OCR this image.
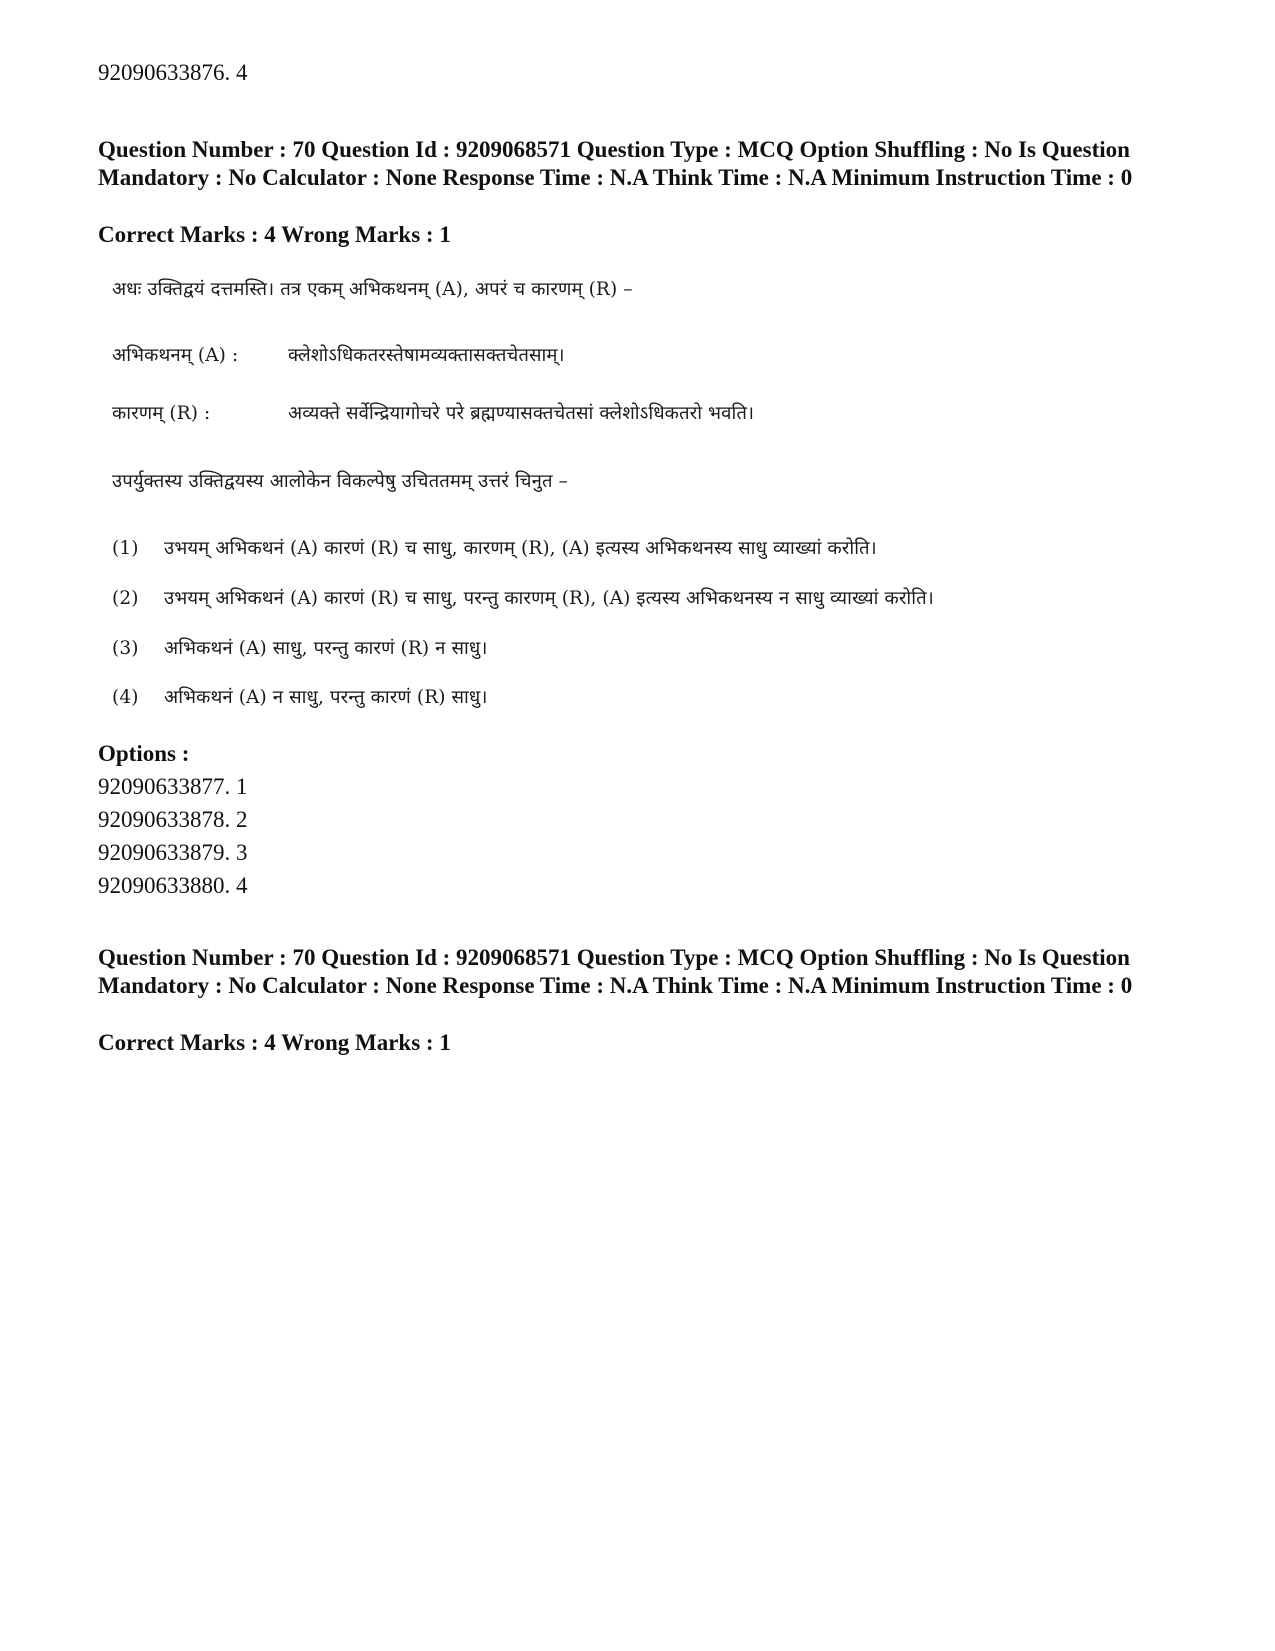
92090633876. 4
Question Number : 70 Question Id : 9209068571 Question Type : MCQ Option Shuffling : No Is Question Mandatory : No Calculator : None Response Time : N.A Think Time : N.A Minimum Instruction Time : 0
Correct Marks : 4 Wrong Marks : 1
अधः उक्तिद्वयं दत्तमस्ति। तत्र एकम् अभिकथनम् (A), अपरं च कारणम् (R) –
अभिकथनम् (A) :	क्लेशोऽधिकतरस्तेषामव्यक्तासक्तचेतसाम्।
कारणम् (R) :	अव्यक्ते सर्वेन्द्रियागोचरे परे ब्रह्मण्यासक्तचेतसां क्लेशोऽधिकतरो भवति।
उपर्युक्तस्य उक्तिद्वयस्य आलोकेन विकल्पेषु उचिततमम् उत्तरं चिनुत –
(1) उभयम् अभिकथनं (A) कारणं (R) च साधु, कारणम् (R), (A) इत्यस्य अभिकथनस्य साधु व्याख्यां करोति।
(2) उभयम् अभिकथनं (A) कारणं (R) च साधु, परन्तु कारणम् (R), (A) इत्यस्य अभिकथनस्य न साधु व्याख्यां करोति।
(3) अभिकथनं (A) साधु, परन्तु कारणं (R) न साधु।
(4) अभिकथनं (A) न साधु, परन्तु कारणं (R) साधु।
Options :
92090633877. 1
92090633878. 2
92090633879. 3
92090633880. 4
Question Number : 70 Question Id : 9209068571 Question Type : MCQ Option Shuffling : No Is Question Mandatory : No Calculator : None Response Time : N.A Think Time : N.A Minimum Instruction Time : 0
Correct Marks : 4 Wrong Marks : 1
